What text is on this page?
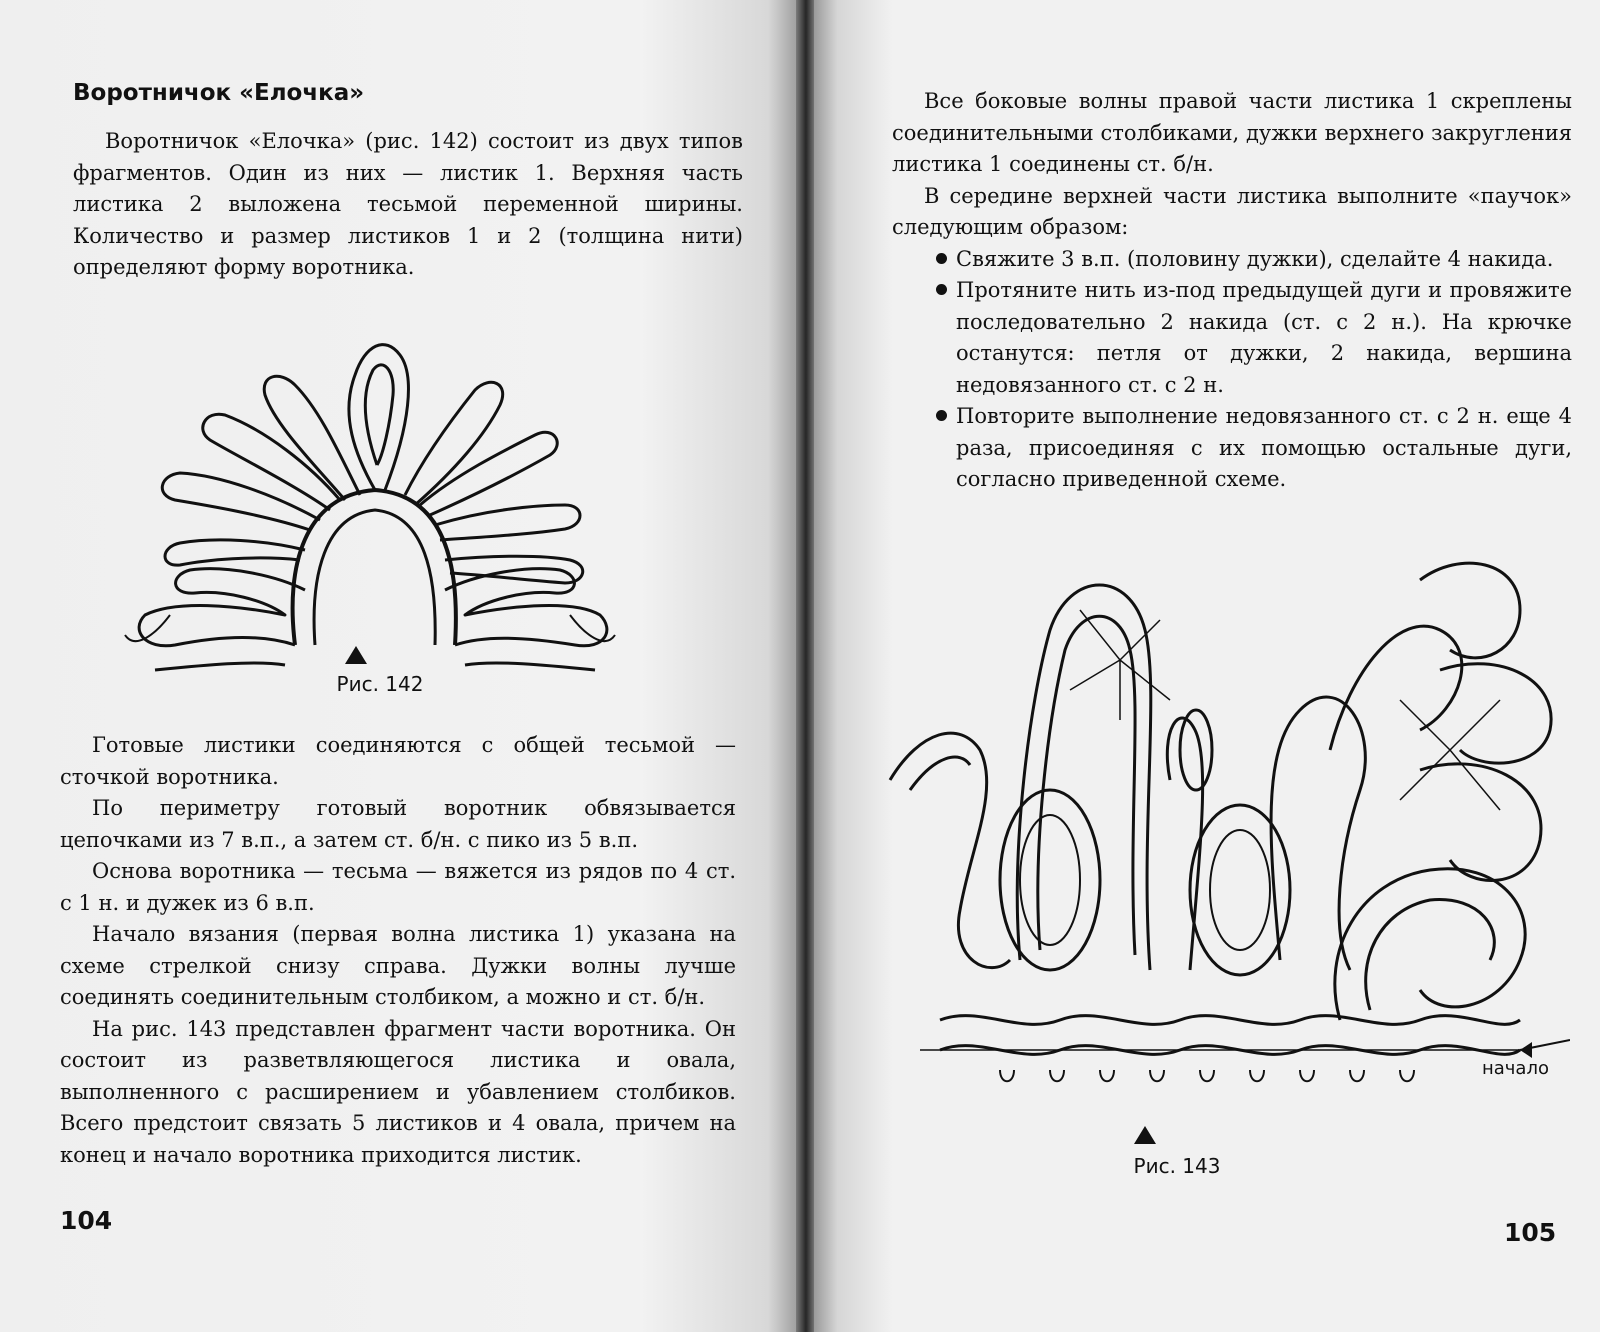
Воротничок «Елочка»

Воротничок «Елочка» (рис. 142) состоит из двух типов фрагментов. Один из них — листик 1. Верхняя часть листика 2 выложена тесьмой переменной ширины. Количество и размер листиков 1 и 2 (толщина нити) определяют форму воротника.

Рис. 142

Готовые листики соединяются с общей тесьмой — сточкой воротника.

По периметру готовый воротник обвязывается цепочками из 7 в.п., а затем ст. б/н. с пико из 5 в.п.

Основа воротника — тесьма — вяжется из рядов по 4 ст. с 1 н. и дужек из 6 в.п.

Начало вязания (первая волна листика 1) указана на схеме стрелкой снизу справа. Дужки волны лучше соединять соединительным столбиком, а можно и ст. б/н.

На рис. 143 представлен фрагмент части воротника. Он состоит из разветвляющегося листика и овала, выполненного с расширением и убавлением столбиков. Всего предстоит связать 5 листиков и 4 овала, причем на конец и начало воротника приходится листик.

104

Все боковые волны правой части листика 1 скреплены соединительными столбиками, дужки верхнего закругления листика 1 соединены ст. б/н.

В середине верхней части листика выполните «паучок» следующим образом:

Свяжите 3 в.п. (половину дужки), сделайте 4 накида.
Протяните нить из-под предыдущей дуги и провяжите последовательно 2 накида (ст. с 2 н.). На крючке останутся: петля от дужки, 2 накида, вершина недовязанного ст. с 2 н.
Повторите выполнение недовязанного ст. с 2 н. еще 4 раза, присоединяя с их помощью остальные дуги, согласно приведенной схеме.
начало
Рис. 143
105
